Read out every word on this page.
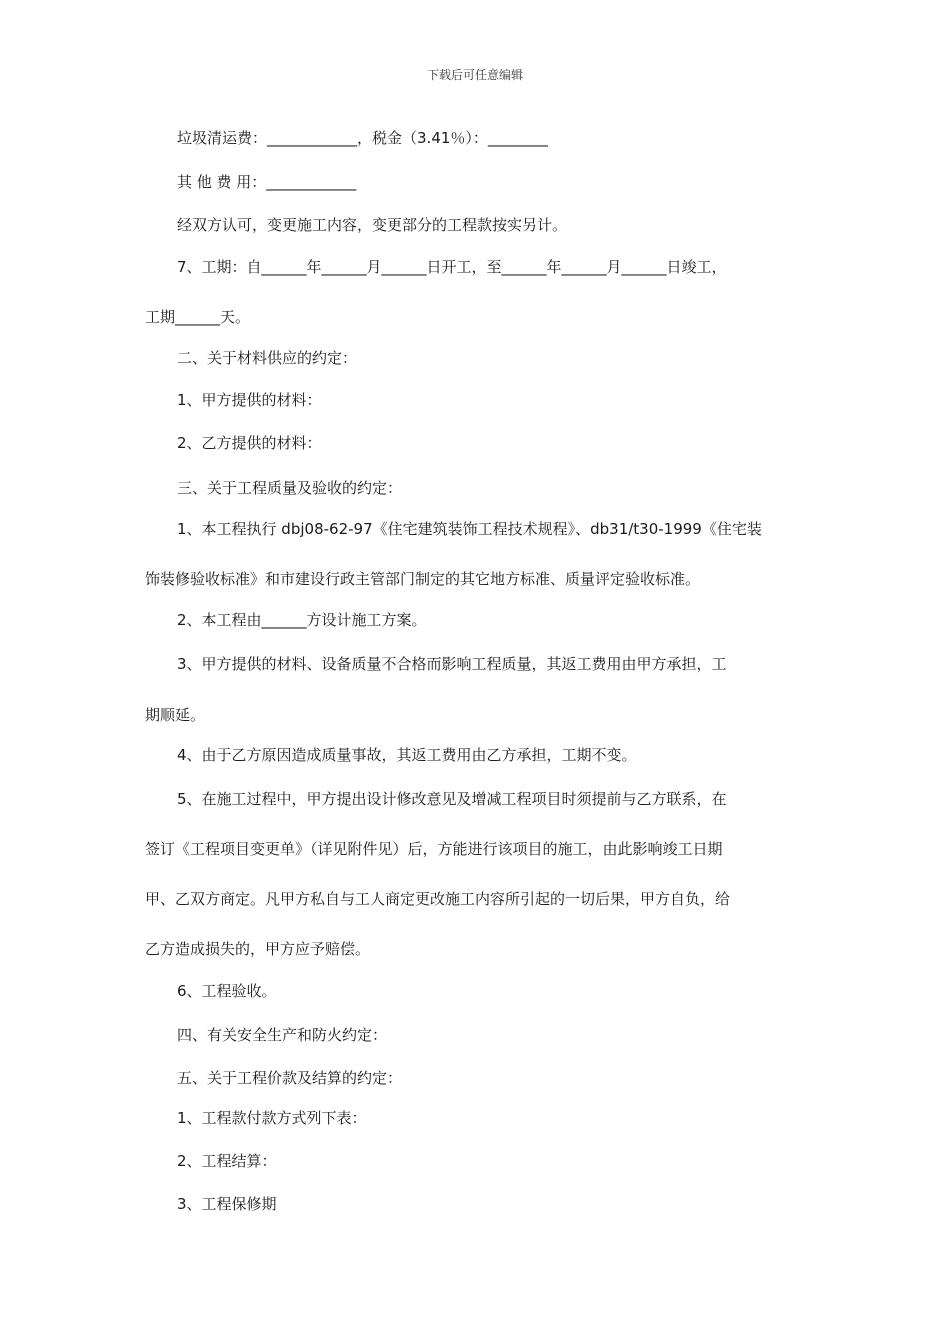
下载后可任意编辑
垃圾清运费：____________，税金（3.41％）：________
其 他 费 用：____________
经双方认可，变更施工内容，变更部分的工程款按实另计。
7、工期：自______年______月______日开工，至______年______月______日竣工，
工期______天。
二、关于材料供应的约定：
1、甲方提供的材料：
2、乙方提供的材料：
三、关于工程质量及验收的约定：
1、本工程执行 dbj08-62-97《住宅建筑装饰工程技术规程》、db31/t30-1999《住宅装
饰装修验收标准》和市建设行政主管部门制定的其它地方标准、质量评定验收标准。
2、本工程由______方设计施工方案。
3、甲方提供的材料、设备质量不合格而影响工程质量，其返工费用由甲方承担，工
期顺延。
4、由于乙方原因造成质量事故，其返工费用由乙方承担，工期不变。
5、在施工过程中，甲方提出设计修改意见及增减工程项目时须提前与乙方联系，在
签订《工程项目变更单》（详见附件见）后，方能进行该项目的施工，由此影响竣工日期
甲、乙双方商定。凡甲方私自与工人商定更改施工内容所引起的一切后果，甲方自负，给
乙方造成损失的，甲方应予赔偿。
6、工程验收。
四、有关安全生产和防火约定：
五、关于工程价款及结算的约定：
1、工程款付款方式列下表：
2、工程结算：
3、工程保修期
